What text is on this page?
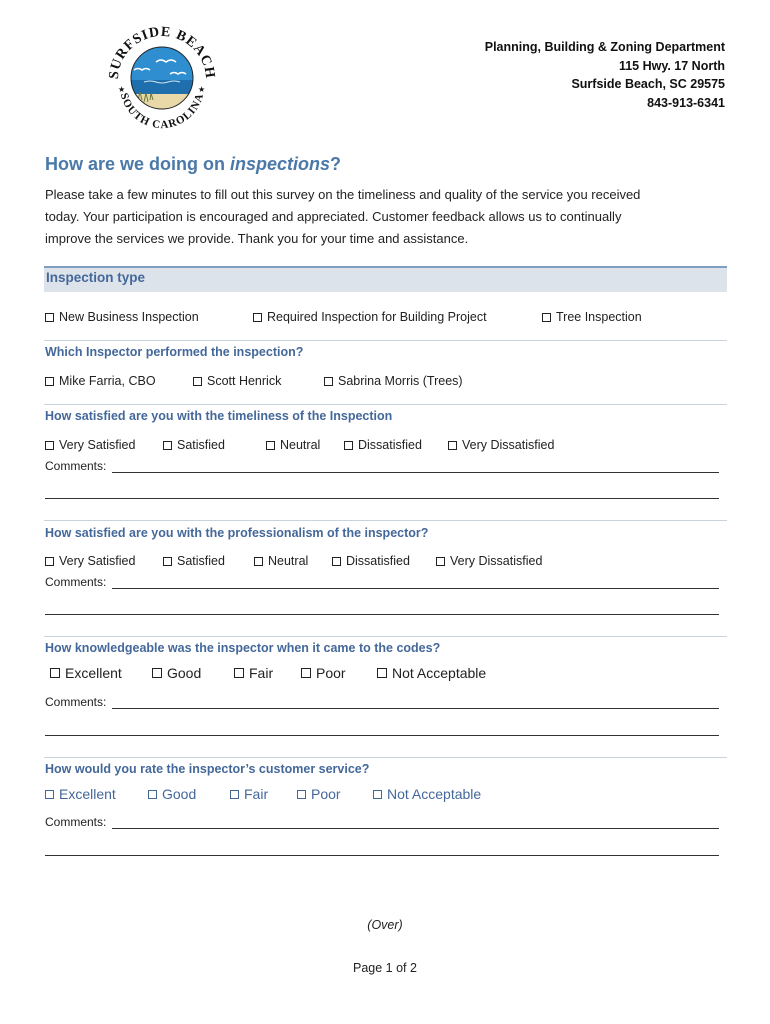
SURFSIDE BEACH
SOUTH CAROLINA
★	★
Planning, Building & Zoning Department
115 Hwy. 17 North
Surfside Beach, SC 29575
843-913-6341
How are we doing on inspections?
Please take a few minutes to fill out this survey on the timeliness and quality of the service you received
today. Your participation is encouraged and appreciated. Customer feedback allows us to continually
improve the services we provide. Thank you for your time and assistance.
Inspection type
New Business Inspection	Required Inspection for Building Project	Tree Inspection
Which Inspector performed the inspection?
Mike Farria, CBO	Scott Henrick	Sabrina Morris (Trees)
How satisfied are you with the timeliness of the Inspection
Very Satisfied	Satisfied	Neutral	Dissatisfied	Very Dissatisfied
Comments:
How satisfied are you with the professionalism of the inspector?
Very Satisfied	Satisfied	Neutral	Dissatisfied	Very Dissatisfied
Comments:
How knowledgeable was the inspector when it came to the codes?
Excellent	Good	Fair	Poor	Not Acceptable
Comments:
How would you rate the inspector’s customer service?
Excellent	Good	Fair	Poor	Not Acceptable
Comments:
(Over)
Page 1 of 2
